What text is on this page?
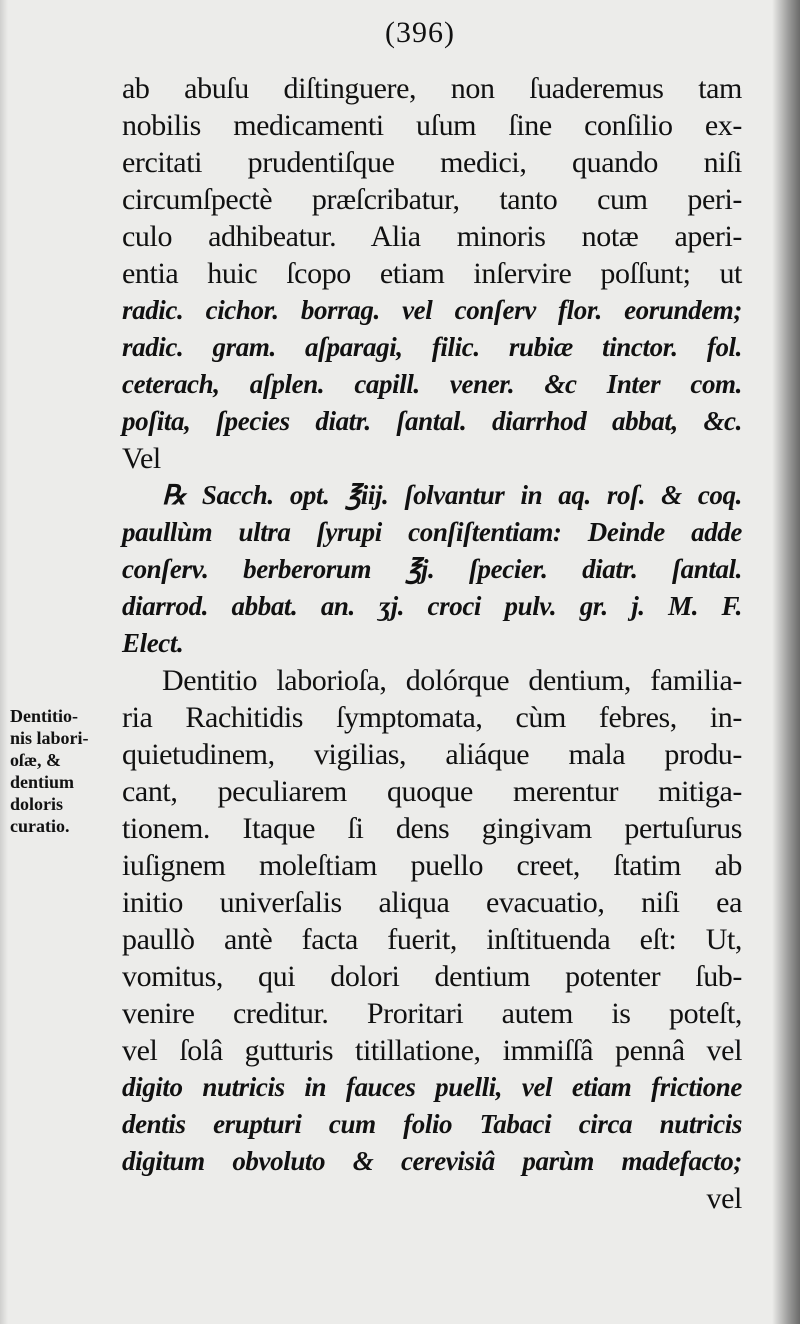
(396)
Dentitio-
nis labori-
oſæ, &
dentium
doloris
curatio.
ab abuſu diſtinguere, non ſuaderemus tam
nobilis medicamenti uſum ſine conſilio ex-
ercitati prudentiſque medici, quando niſi
circumſpectè præſcribatur, tanto cum peri-
culo adhibeatur. Alia minoris notæ aperi-
entia huic ſcopo etiam inſervire poſſunt; ut
radic. cichor. borrag. vel conſerv flor. eorundem;
radic. gram. aſparagi, filic. rubiæ tinctor. fol.
ceterach, aſplen. capill. vener. &c Inter com.
poſita, ſpecies diatr. ſantal. diarrhod abbat, &c.
Vel
℞ Sacch. opt. ℥iij. ſolvantur in aq. roſ. & coq.
paullùm ultra ſyrupi conſiſtentiam: Deinde adde
conſerv. berberorum ℥j. ſpecier. diatr. ſantal.
diarrod. abbat. an. ʒj. croci pulv. gr. j. M. F.
Elect.
Dentitio laborioſa, dolórque dentium, familia-
ria Rachitidis ſymptomata, cùm febres, in-
quietudinem, vigilias, aliáque mala produ-
cant, peculiarem quoque merentur mitiga-
tionem. Itaque ſi dens gingivam pertuſurus
iuſignem moleſtiam puello creet, ſtatim ab
initio univerſalis aliqua evacuatio, niſi ea
paullò antè facta fuerit, inſtituenda eſt: Ut,
vomitus, qui dolori dentium potenter ſub-
venire creditur. Proritari autem is poteſt,
vel ſolâ gutturis titillatione, immiſſâ pennâ vel
digito nutricis in fauces puelli, vel etiam frictione
dentis erupturi cum folio Tabaci circa nutricis
digitum obvoluto & cerevisiâ parùm madefacto;
vel
